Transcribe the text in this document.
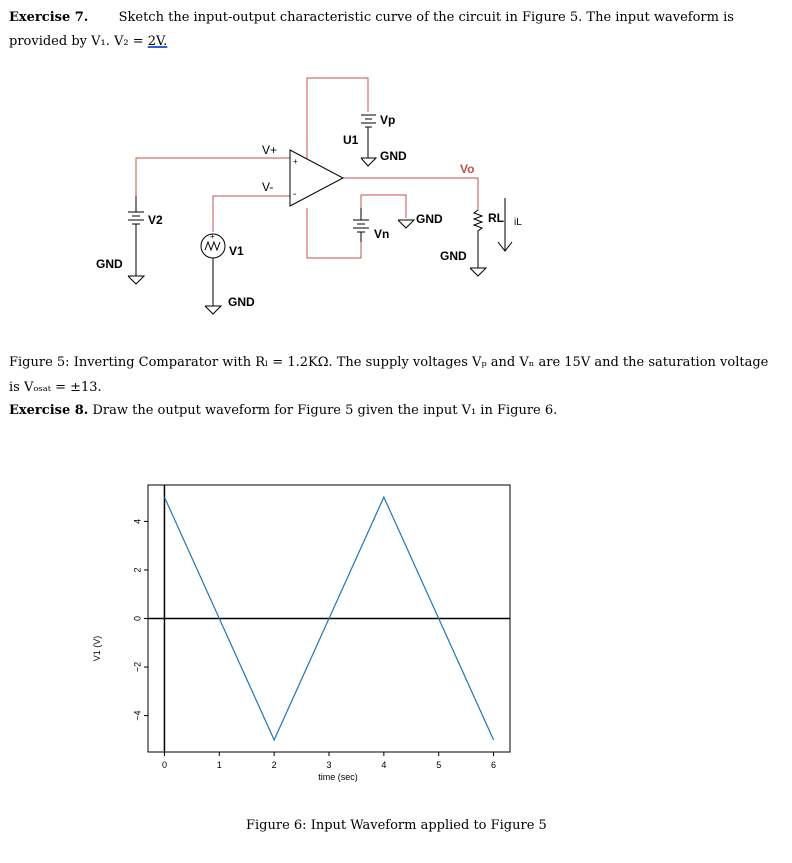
Exercise 7. Sketch the input-output characteristic curve of the circuit in Figure 5. The input waveform is
provided by V₁. V₂ = 2V.
+
-
Vp
U1
GND
V+
V-
Vn
GND
Vo
RL iL
GND
V2
GND
+
V1
GND
Figure 5: Inverting Comparator with Rₗ = 1.2KΩ. The supply voltages Vₚ and Vₙ are 15V and the saturation voltage
is Vₒₛₐₜ = ±13.
Exercise 8. Draw the output waveform for Figure 5 given the input V₁ in Figure 6.
0	1	2	3	4	5	6
4
2
0
−2
−4
time (sec)
V1 (V)
Figure 6: Input Waveform applied to Figure 5
